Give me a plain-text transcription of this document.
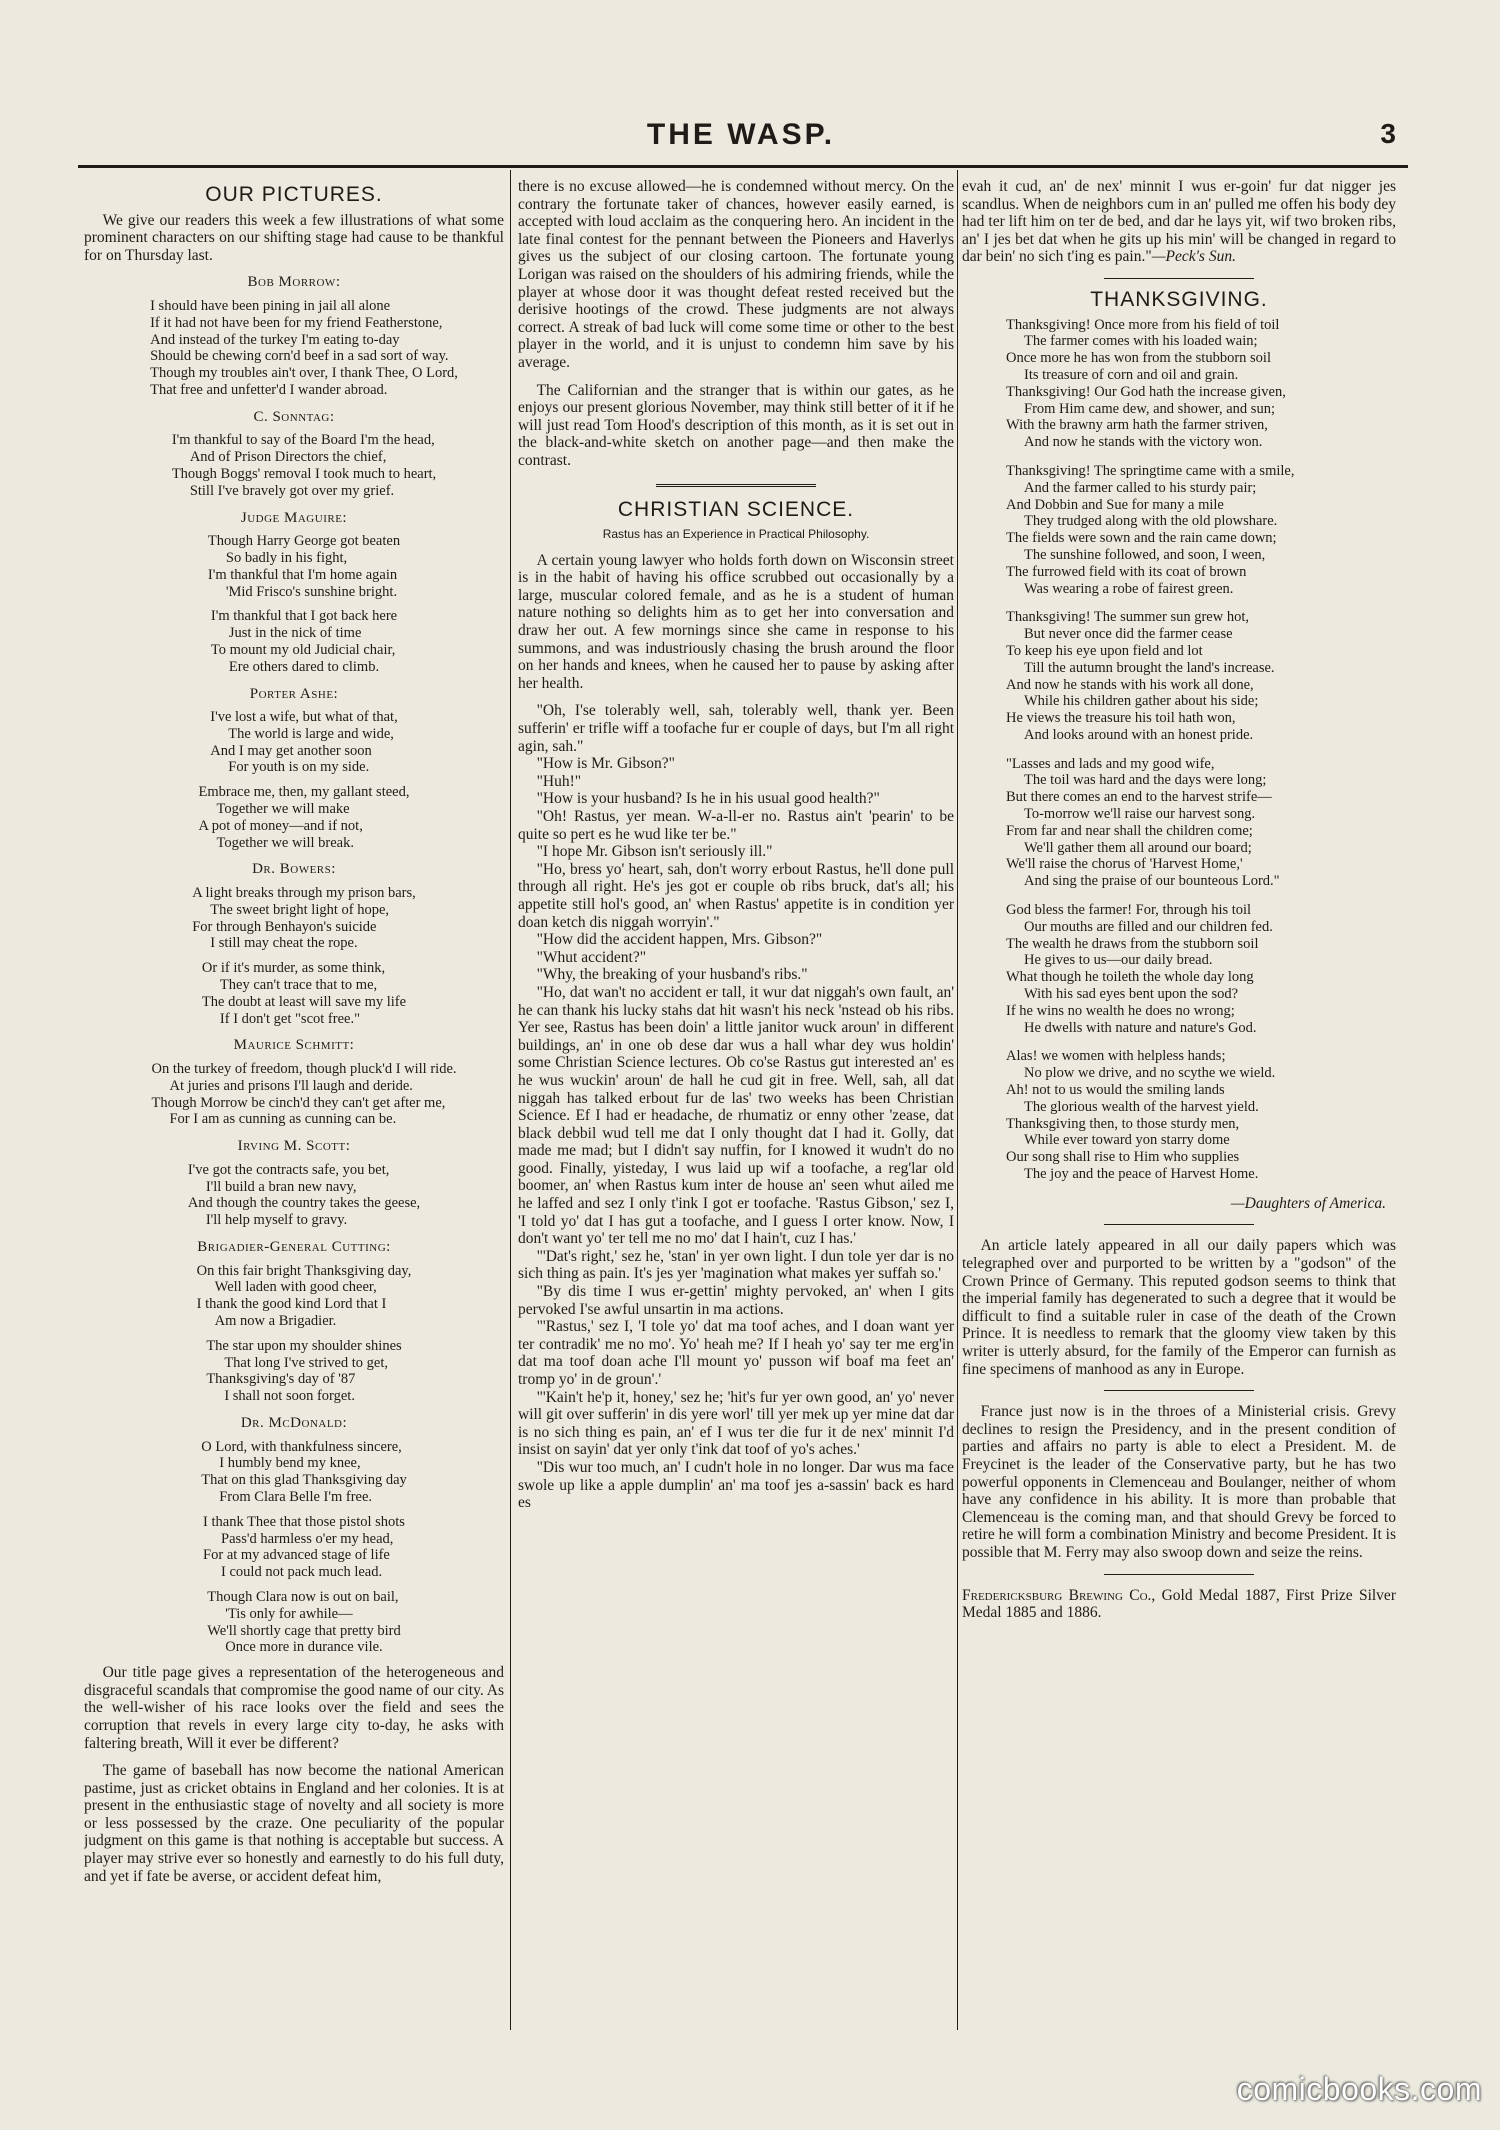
THE WASP.	3
OUR PICTURES.

We give our readers this week a few illustrations of what some prominent characters on our shifting stage had cause to be thankful for on Thursday last.

Bob Morrow:
I should have been pining in jail all alone
If it had not have been for my friend Featherstone,
And instead of the turkey I'm eating to-day
Should be chewing corn'd beef in a sad sort of way.
Though my troubles ain't over, I thank Thee, O Lord,
That free and unfetter'd I wander abroad.
C. Sonntag:
I'm thankful to say of the Board I'm the head,
And of Prison Directors the chief,
Though Boggs' removal I took much to heart,
Still I've bravely got over my grief.
Judge Maguire:
Though Harry George got beaten
So badly in his fight,
I'm thankful that I'm home again
'Mid Frisco's sunshine bright.
I'm thankful that I got back here
Just in the nick of time
To mount my old Judicial chair,
Ere others dared to climb.
Porter Ashe:
I've lost a wife, but what of that,
The world is large and wide,
And I may get another soon
For youth is on my side.
Embrace me, then, my gallant steed,
Together we will make
A pot of money—and if not,
Together we will break.
Dr. Bowers:
A light breaks through my prison bars,
The sweet bright light of hope,
For through Benhayon's suicide
I still may cheat the rope.
Or if it's murder, as some think,
They can't trace that to me,
The doubt at least will save my life
If I don't get "scot free."
Maurice Schmitt:
On the turkey of freedom, though pluck'd I will ride.
At juries and prisons I'll laugh and deride.
Though Morrow be cinch'd they can't get after me,
For I am as cunning as cunning can be.
Irving M. Scott:
I've got the contracts safe, you bet,
I'll build a bran new navy,
And though the country takes the geese,
I'll help myself to gravy.
Brigadier-General Cutting:
On this fair bright Thanksgiving day,
Well laden with good cheer,
I thank the good kind Lord that I
Am now a Brigadier.
The star upon my shoulder shines
That long I've strived to get,
Thanksgiving's day of '87
I shall not soon forget.
Dr. McDonald:
O Lord, with thankfulness sincere,
I humbly bend my knee,
That on this glad Thanksgiving day
From Clara Belle I'm free.
I thank Thee that those pistol shots
Pass'd harmless o'er my head,
For at my advanced stage of life
I could not pack much lead.
Though Clara now is out on bail,
'Tis only for awhile—
We'll shortly cage that pretty bird
Once more in durance vile.

Our title page gives a representation of the heterogeneous and disgraceful scandals that compromise the good name of our city. As the well-wisher of his race looks over the field and sees the corruption that revels in every large city to-day, he asks with faltering breath, Will it ever be different?

The game of baseball has now become the national American pastime, just as cricket obtains in England and her colonies. It is at present in the enthusiastic stage of novelty and all society is more or less possessed by the craze. One peculiarity of the popular judgment on this game is that nothing is acceptable but success. A player may strive ever so honestly and earnestly to do his full duty, and yet if fate be averse, or accident defeat him,

there is no excuse allowed—he is condemned without mercy. On the contrary the fortunate taker of chances, however easily earned, is accepted with loud acclaim as the conquering hero. An incident in the late final contest for the pennant between the Pioneers and Haverlys gives us the subject of our closing cartoon. The fortunate young Lorigan was raised on the shoulders of his admiring friends, while the player at whose door it was thought defeat rested received but the derisive hootings of the crowd. These judgments are not always correct. A streak of bad luck will come some time or other to the best player in the world, and it is unjust to condemn him save by his average.

The Californian and the stranger that is within our gates, as he enjoys our present glorious November, may think still better of it if he will just read Tom Hood's description of this month, as it is set out in the black-and-white sketch on another page—and then make the contrast.

CHRISTIAN SCIENCE.
Rastus has an Experience in Practical Philosophy.

A certain young lawyer who holds forth down on Wisconsin street is in the habit of having his office scrubbed out occasionally by a large, muscular colored female, and as he is a student of human nature nothing so delights him as to get her into conversation and draw her out. A few mornings since she came in response to his summons, and was industriously chasing the brush around the floor on her hands and knees, when he caused her to pause by asking after her health.

"Oh, I'se tolerably well, sah, tolerably well, thank yer. Been sufferin' er trifle wiff a toofache fur er couple of days, but I'm all right agin, sah."

"How is Mr. Gibson?"

"Huh!"

"How is your husband? Is he in his usual good health?"

"Oh! Rastus, yer mean. W-a-ll-er no. Rastus ain't 'pearin' to be quite so pert es he wud like ter be."

"I hope Mr. Gibson isn't seriously ill."

"Ho, bress yo' heart, sah, don't worry erbout Rastus, he'll done pull through all right. He's jes got er couple ob ribs bruck, dat's all; his appetite still hol's good, an' when Rastus' appetite is in condition yer doan ketch dis niggah worryin'."

"How did the accident happen, Mrs. Gibson?"

"Whut accident?"

"Why, the breaking of your husband's ribs."

"Ho, dat wan't no accident er tall, it wur dat niggah's own fault, an' he can thank his lucky stahs dat hit wasn't his neck 'nstead ob his ribs. Yer see, Rastus has been doin' a little janitor wuck aroun' in different buildings, an' in one ob dese dar wus a hall whar dey wus holdin' some Christian Science lectures. Ob co'se Rastus gut interested an' es he wus wuckin' aroun' de hall he cud git in free. Well, sah, all dat niggah has talked erbout fur de las' two weeks has been Christian Science. Ef I had er headache, de rhumatiz or enny other 'zease, dat black debbil wud tell me dat I only thought dat I had it. Golly, dat made me mad; but I didn't say nuffin, for I knowed it wudn't do no good. Finally, yisteday, I wus laid up wif a toofache, a reg'lar old boomer, an' when Rastus kum inter de house an' seen whut ailed me he laffed and sez I only t'ink I got er toofache. 'Rastus Gibson,' sez I, 'I told yo' dat I has gut a toofache, and I guess I orter know. Now, I don't want yo' ter tell me no mo' dat I hain't, cuz I has.'

"'Dat's right,' sez he, 'stan' in yer own light. I dun tole yer dar is no sich thing as pain. It's jes yer 'magination what makes yer suffah so.'

"By dis time I wus er-gettin' mighty pervoked, an' when I gits pervoked I'se awful unsartin in ma actions.

"'Rastus,' sez I, 'I tole yo' dat ma toof aches, and I doan want yer ter contradik' me no mo'. Yo' heah me? If I heah yo' say ter me erg'in dat ma toof doan ache I'll mount yo' pusson wif boaf ma feet an' tromp yo' in de groun'.'

"'Kain't he'p it, honey,' sez he; 'hit's fur yer own good, an' yo' never will git over sufferin' in dis yere worl' till yer mek up yer mine dat dar is no sich thing es pain, an' ef I wus ter die fur it de nex' minnit I'd insist on sayin' dat yer only t'ink dat toof of yo's aches.'

"Dis wur too much, an' I cudn't hole in no longer. Dar wus ma face swole up like a apple dumplin' an' ma toof jes a-sassin' back es hard es

evah it cud, an' de nex' minnit I wus er-goin' fur dat nigger jes scandlus. When de neighbors cum in an' pulled me offen his body dey had ter lift him on ter de bed, and dar he lays yit, wif two broken ribs, an' I jes bet dat when he gits up his min' will be changed in regard to dar bein' no sich t'ing es pain."—Peck's Sun.

THANKSGIVING.
Thanksgiving! Once more from his field of toil
The farmer comes with his loaded wain;
Once more he has won from the stubborn soil
Its treasure of corn and oil and grain.
Thanksgiving! Our God hath the increase given,
From Him came dew, and shower, and sun;
With the brawny arm hath the farmer striven,
And now he stands with the victory won.
Thanksgiving! The springtime came with a smile,
And the farmer called to his sturdy pair;
And Dobbin and Sue for many a mile
They trudged along with the old plowshare.
The fields were sown and the rain came down;
The sunshine followed, and soon, I ween,
The furrowed field with its coat of brown
Was wearing a robe of fairest green.
Thanksgiving! The summer sun grew hot,
But never once did the farmer cease
To keep his eye upon field and lot
Till the autumn brought the land's increase.
And now he stands with his work all done,
While his children gather about his side;
He views the treasure his toil hath won,
And looks around with an honest pride.
"Lasses and lads and my good wife,
The toil was hard and the days were long;
But there comes an end to the harvest strife—
To-morrow we'll raise our harvest song.
From far and near shall the children come;
We'll gather them all around our board;
We'll raise the chorus of 'Harvest Home,'
And sing the praise of our bounteous Lord."
God bless the farmer! For, through his toil
Our mouths are filled and our children fed.
The wealth he draws from the stubborn soil
He gives to us—our daily bread.
What though he toileth the whole day long
With his sad eyes bent upon the sod?
If he wins no wealth he does no wrong;
He dwells with nature and nature's God.
Alas! we women with helpless hands;
No plow we drive, and no scythe we wield.
Ah! not to us would the smiling lands
The glorious wealth of the harvest yield.
Thanksgiving then, to those sturdy men,
While ever toward yon starry dome
Our song shall rise to Him who supplies
The joy and the peace of Harvest Home.
—Daughters of America.

An article lately appeared in all our daily papers which was telegraphed over and purported to be written by a "godson" of the Crown Prince of Germany. This reputed godson seems to think that the imperial family has degenerated to such a degree that it would be difficult to find a suitable ruler in case of the death of the Crown Prince. It is needless to remark that the gloomy view taken by this writer is utterly absurd, for the family of the Emperor can furnish as fine specimens of manhood as any in Europe.

France just now is in the throes of a Ministerial crisis. Grevy declines to resign the Presidency, and in the present condition of parties and affairs no party is able to elect a President. M. de Freycinet is the leader of the Conservative party, but he has two powerful opponents in Clemenceau and Boulanger, neither of whom have any confidence in his ability. It is more than probable that Clemenceau is the coming man, and that should Grevy be forced to retire he will form a combination Ministry and become President. It is possible that M. Ferry may also swoop down and seize the reins.

Fredericksburg Brewing Co., Gold Medal 1887, First Prize Silver Medal 1885 and 1886.

comicbooks.com
